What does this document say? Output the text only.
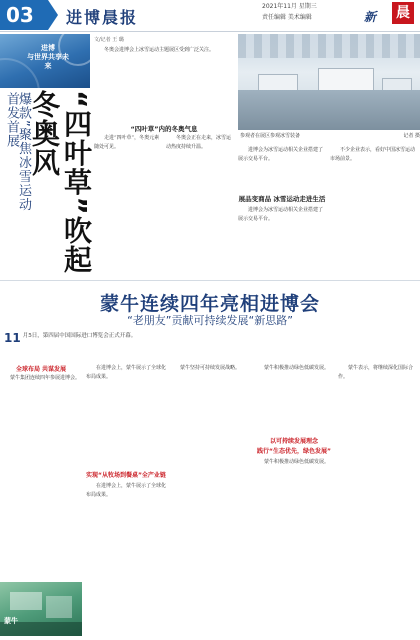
03	进博晨报
2021年11月 星期三
责任编辑 美术编辑	新 晨
进博
与世界共享未来
文/记者 王 璐
首发首展
爆款”聚焦冰雪运动	“四叶草”吹起冬奥风

冬奥会进博会上冰雪运动主题展区受到广泛关注。

参观者在展区参观冰雪装备	记者 摄
“四叶草”内的冬奥气息

走进“四叶草”，冬奥元素随处可见。

冬奥会正在走来，冰雪运动热度持续升温。

进博会为冰雪运动相关企业搭建了展示交易平台。

展品变商品 冰雪运动走进生活

进博会为冰雪运动相关企业搭建了展示交易平台。

不少企业表示，看好中国冰雪运动市场前景。

蒙牛连续四年亮相进博会
“老朋友”贡献可持续发展“新思路”
11 月5日，第四届中国国际进口博览会正式开幕。
全球布局 共谋发展

蒙牛集团连续四年参展进博会。

蒙牛

在进博会上，蒙牛展示了全球化布局成果。

实现“从牧场到餐桌”全产业链

在进博会上，蒙牛展示了全球化布局成果。

蒙牛坚持可持续发展战略。	蒙牛积极推动绿色低碳发展。

以可持续发展理念
践行“生态优先，绿色发展”

蒙牛积极推动绿色低碳发展。

蒙牛表示，将继续深化国际合作。
